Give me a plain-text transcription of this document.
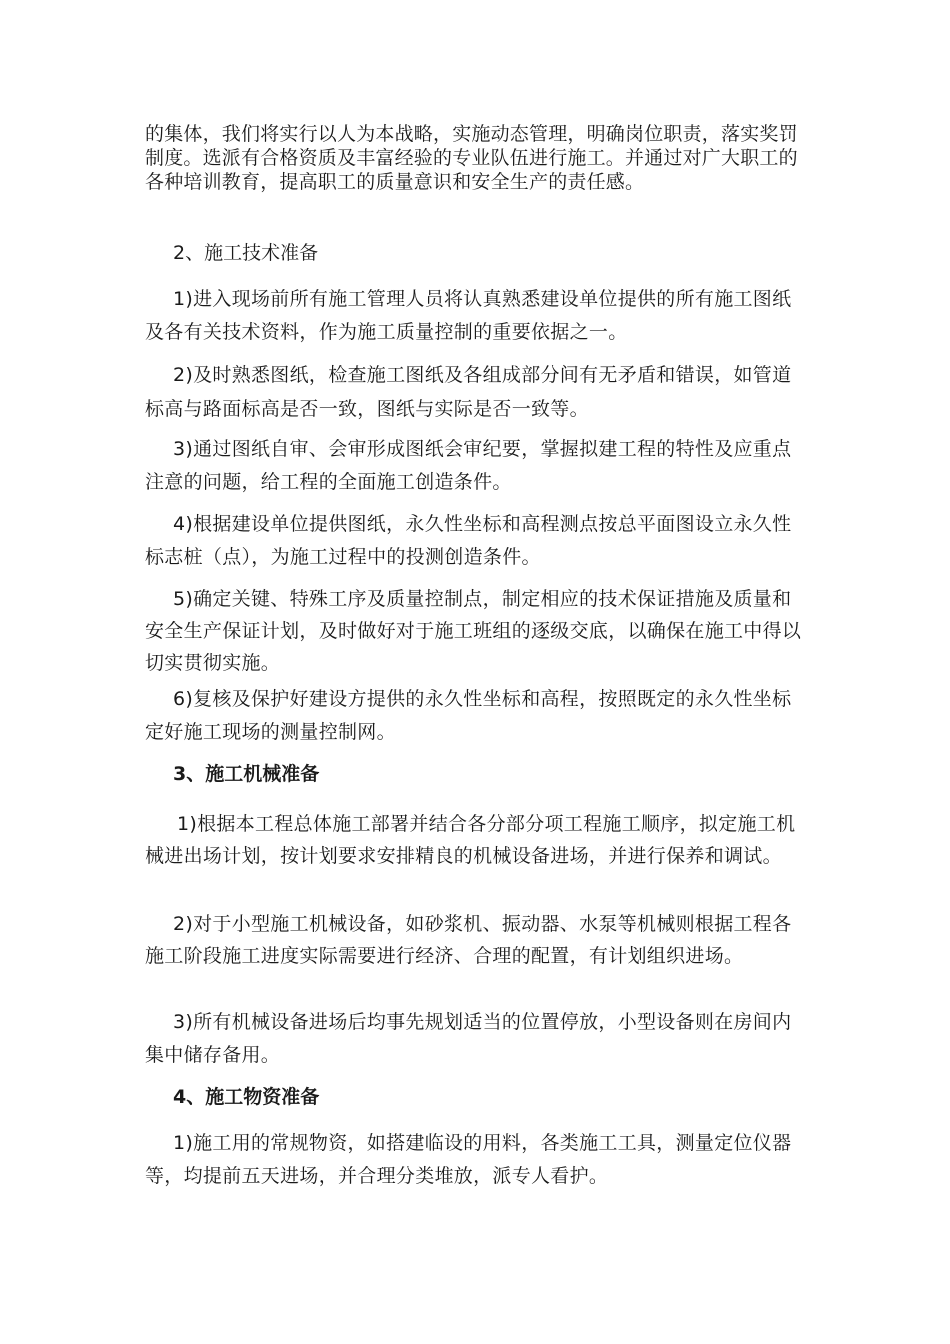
的集体，我们将实行以人为本战略，实施动态管理，明确岗位职责，落实奖罚制度。选派有合格资质及丰富经验的专业队伍进行施工。并通过对广大职工的各种培训教育，提高职工的质量意识和安全生产的责任感。

2、施工技术准备

1)进入现场前所有施工管理人员将认真熟悉建设单位提供的所有施工图纸及各有关技术资料，作为施工质量控制的重要依据之一。

2)及时熟悉图纸，检查施工图纸及各组成部分间有无矛盾和错误，如管道标高与路面标高是否一致，图纸与实际是否一致等。

3)通过图纸自审、会审形成图纸会审纪要，掌握拟建工程的特性及应重点注意的问题，给工程的全面施工创造条件。

4)根据建设单位提供图纸，永久性坐标和高程测点按总平面图设立永久性标志桩（点），为施工过程中的投测创造条件。

5)确定关键、特殊工序及质量控制点，制定相应的技术保证措施及质量和安全生产保证计划，及时做好对于施工班组的逐级交底，以确保在施工中得以切实贯彻实施。

6)复核及保护好建设方提供的永久性坐标和高程，按照既定的永久性坐标定好施工现场的测量控制网。

3、施工机械准备

1)根据本工程总体施工部署并结合各分部分项工程施工顺序，拟定施工机械进出场计划，按计划要求安排精良的机械设备进场，并进行保养和调试。

2)对于小型施工机械设备，如砂浆机、振动器、水泵等机械则根据工程各施工阶段施工进度实际需要进行经济、合理的配置，有计划组织进场。

3)所有机械设备进场后均事先规划适当的位置停放，小型设备则在房间内集中储存备用。

4、施工物资准备

1)施工用的常规物资，如搭建临设的用料，各类施工工具，测量定位仪器等，均提前五天进场，并合理分类堆放，派专人看护。
